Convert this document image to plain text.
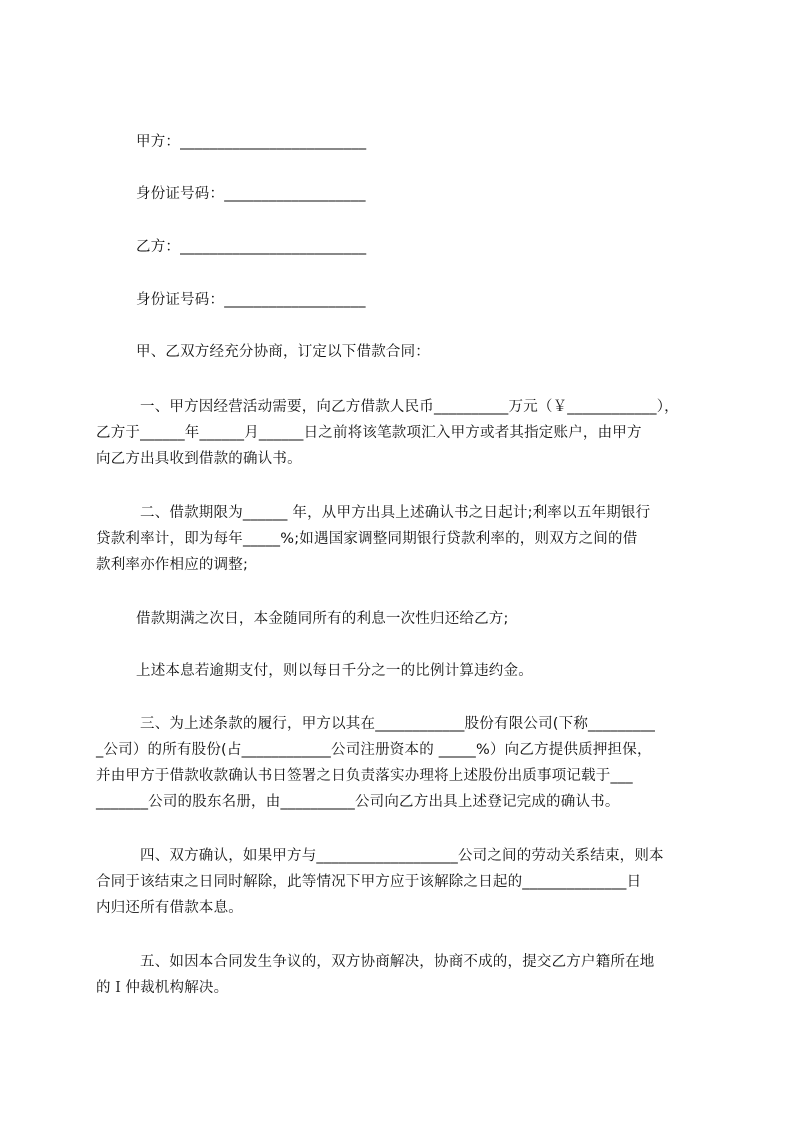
甲方：_________________________
身份证号码：___________________
乙方：_________________________
身份证号码：___________________
甲、乙双方经充分协商，订定以下借款合同：
一、甲方因经营活动需要，向乙方借款人民币__________万元（￥____________），
乙方于______年______月______日之前将该笔款项汇入甲方或者其指定账户，由甲方
向乙方出具收到借款的确认书。
二、借款期限为______ 年，从甲方出具上述确认书之日起计;利率以五年期银行
贷款利率计，即为每年_____%;如遇国家调整同期银行贷款利率的，则双方之间的借
款利率亦作相应的调整;
借款期满之次日，本金随同所有的利息一次性归还给乙方;
上述本息若逾期支付，则以每日千分之一的比例计算违约金。
三、为上述条款的履行，甲方以其在____________股份有限公司(下称_________
_公司）的所有股份(占____________公司注册资本的 _____%）向乙方提供质押担保，
并由甲方于借款收款确认书日签署之日负责落实办理将上述股份出质事项记载于___
_______公司的股东名册，由__________公司向乙方出具上述登记完成的确认书。
四、双方确认，如果甲方与___________________公司之间的劳动关系结束，则本
合同于该结束之日同时解除，此等情况下甲方应于该解除之日起的______________日
内归还所有借款本息。
五、如因本合同发生争议的，双方协商解决，协商不成的，提交乙方户籍所在地
的Ｉ仲裁机构解决。
